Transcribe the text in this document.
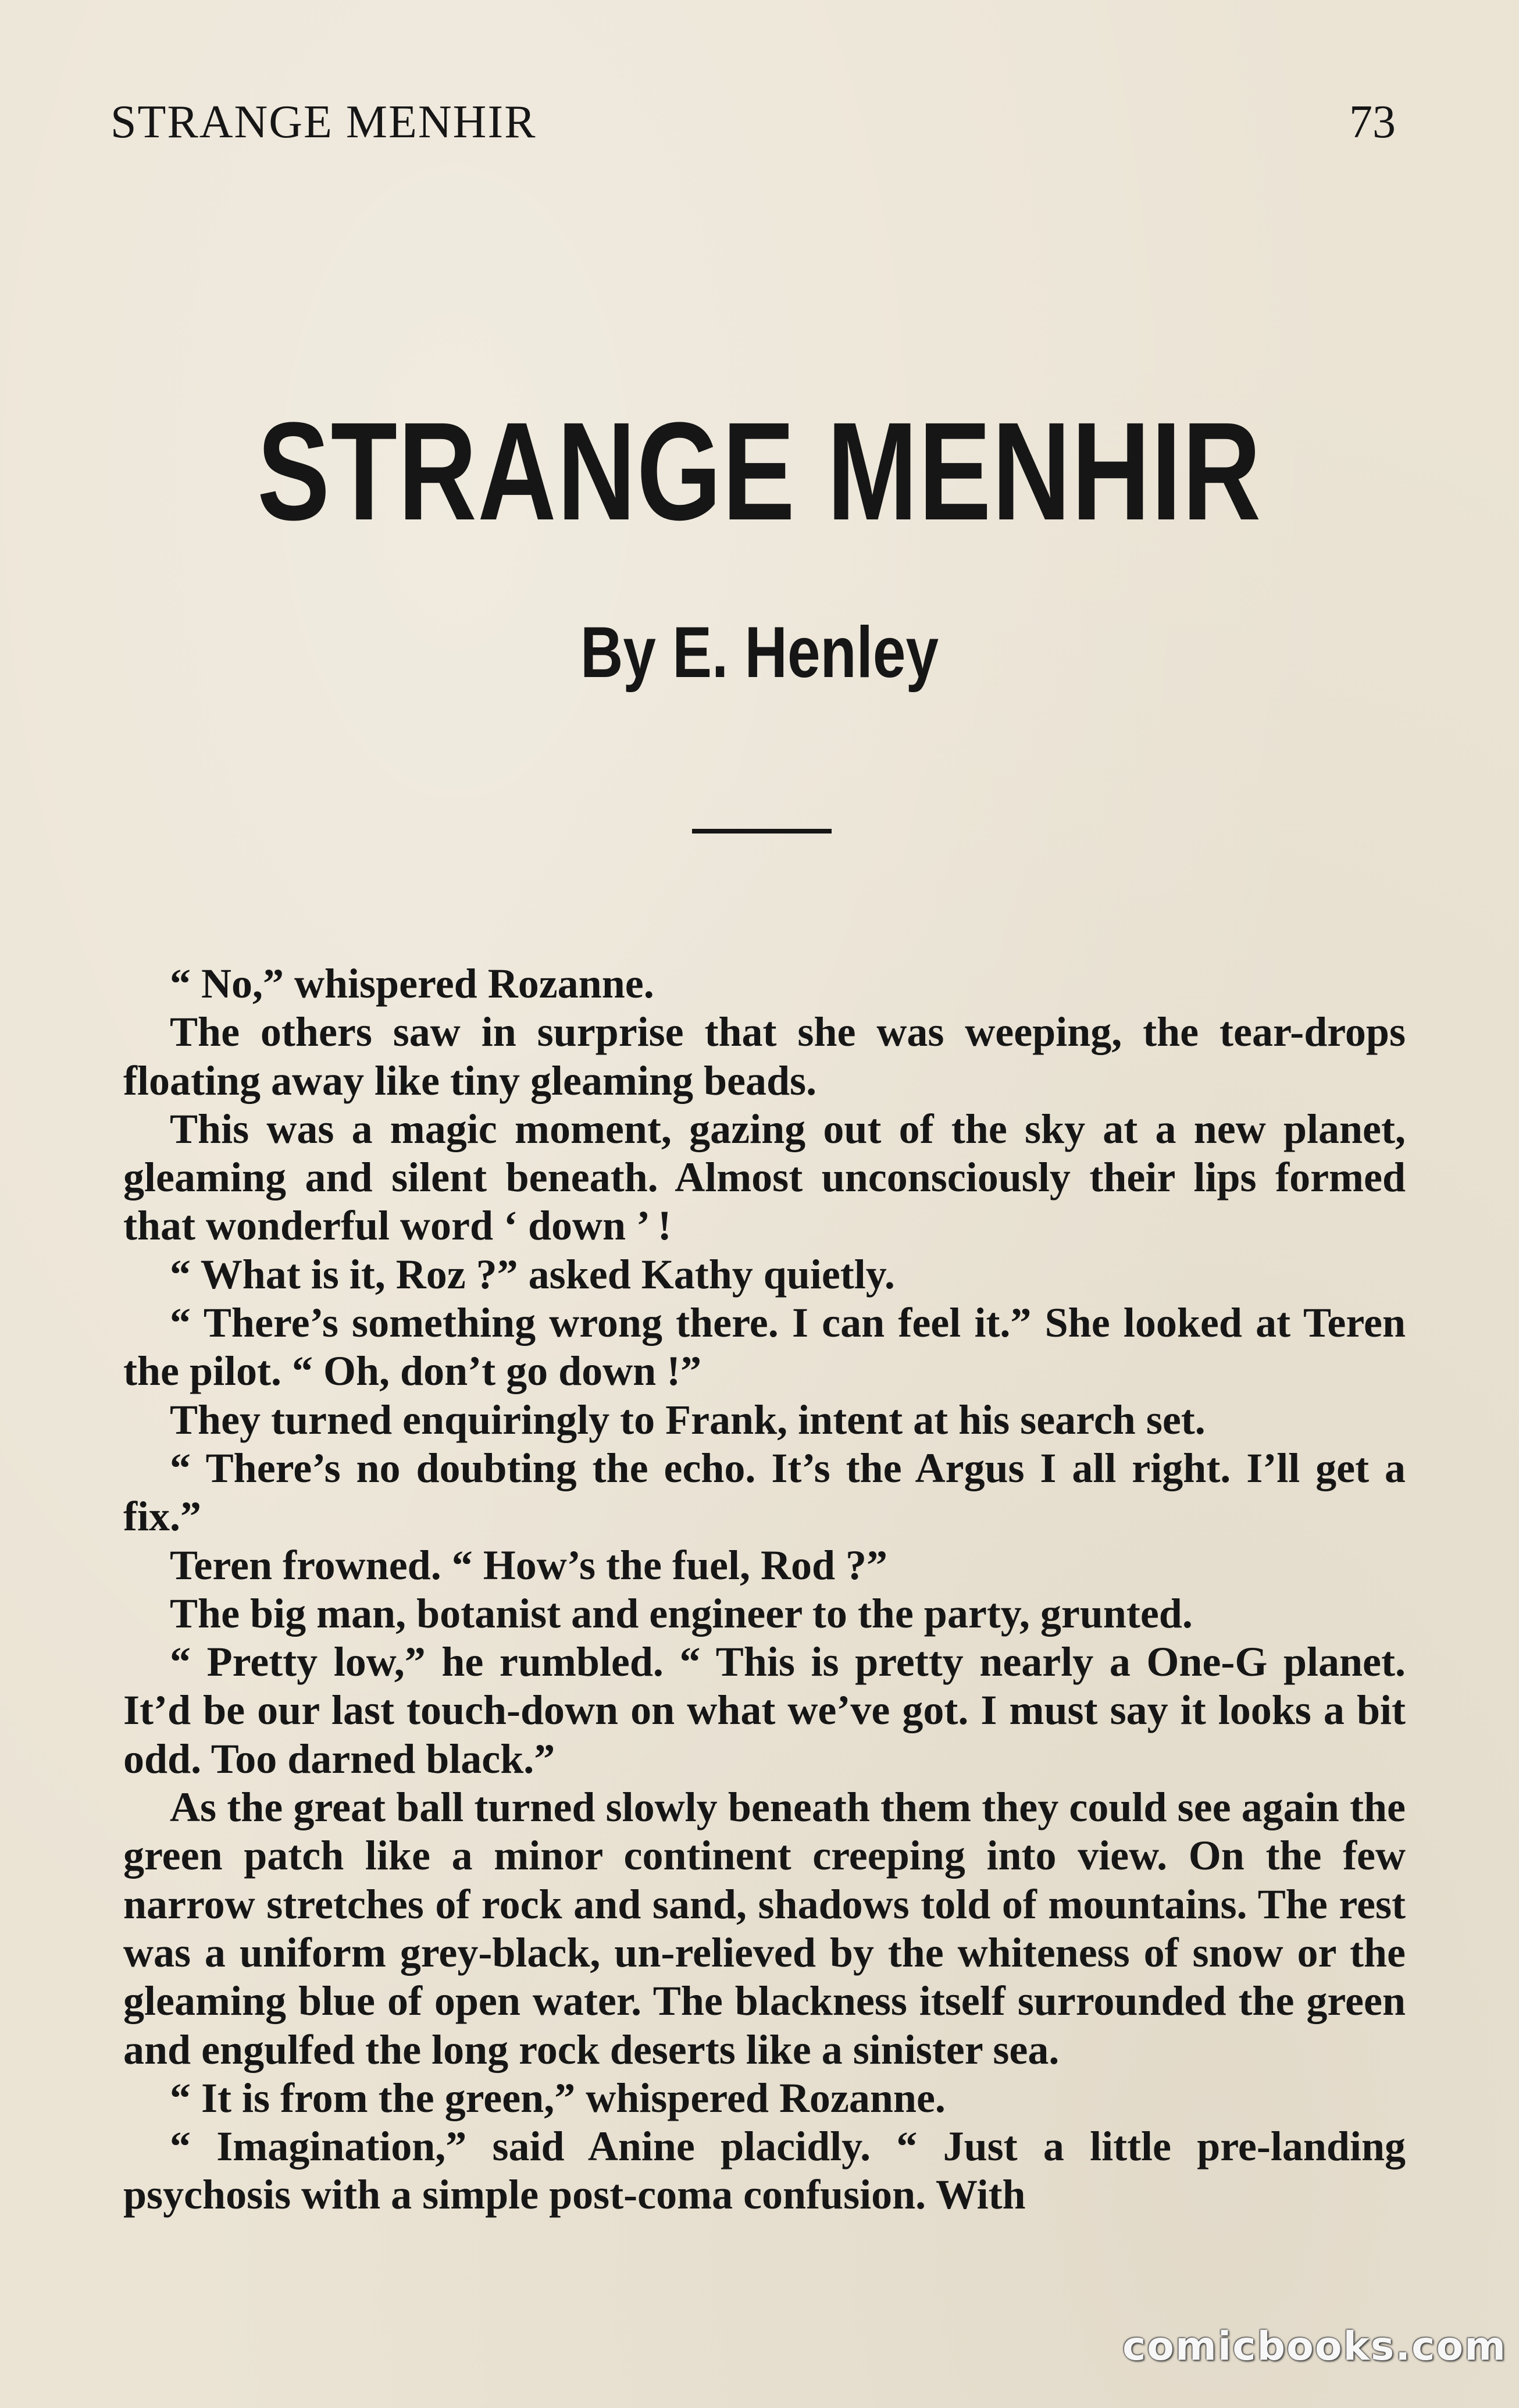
STRANGE MENHIR	73
STRANGE MENHIR
By E. Henley

“ No,” whispered Rozanne.

The others saw in surprise that she was weeping, the tear-drops floating away like tiny gleaming beads.

This was a magic moment, gazing out of the sky at a new planet, gleaming and silent beneath. Almost unconsciously their lips formed that wonderful word ‘ down ’ !

“ What is it, Roz ?” asked Kathy quietly.

“ There’s something wrong there. I can feel it.” She looked at Teren the pilot. “ Oh, don’t go down !”

They turned enquiringly to Frank, intent at his search set.

“ There’s no doubting the echo. It’s the Argus I all right. I’ll get a fix.”

Teren frowned. “ How’s the fuel, Rod ?”

The big man, botanist and engineer to the party, grunted.

“ Pretty low,” he rumbled. “ This is pretty nearly a One-G planet. It’d be our last touch-down on what we’ve got. I must say it looks a bit odd. Too darned black.”

As the great ball turned slowly beneath them they could see again the green patch like a minor continent creeping into view. On the few narrow stretches of rock and sand, shadows told of mountains. The rest was a uniform grey-black, un-relieved by the whiteness of snow or the gleaming blue of open water. The blackness itself surrounded the green and engulfed the long rock deserts like a sinister sea.

“ It is from the green,” whispered Rozanne.

“ Imagination,” said Anine placidly. “ Just a little pre-landing psychosis with a simple post-coma confusion. With

comicbooks.com
